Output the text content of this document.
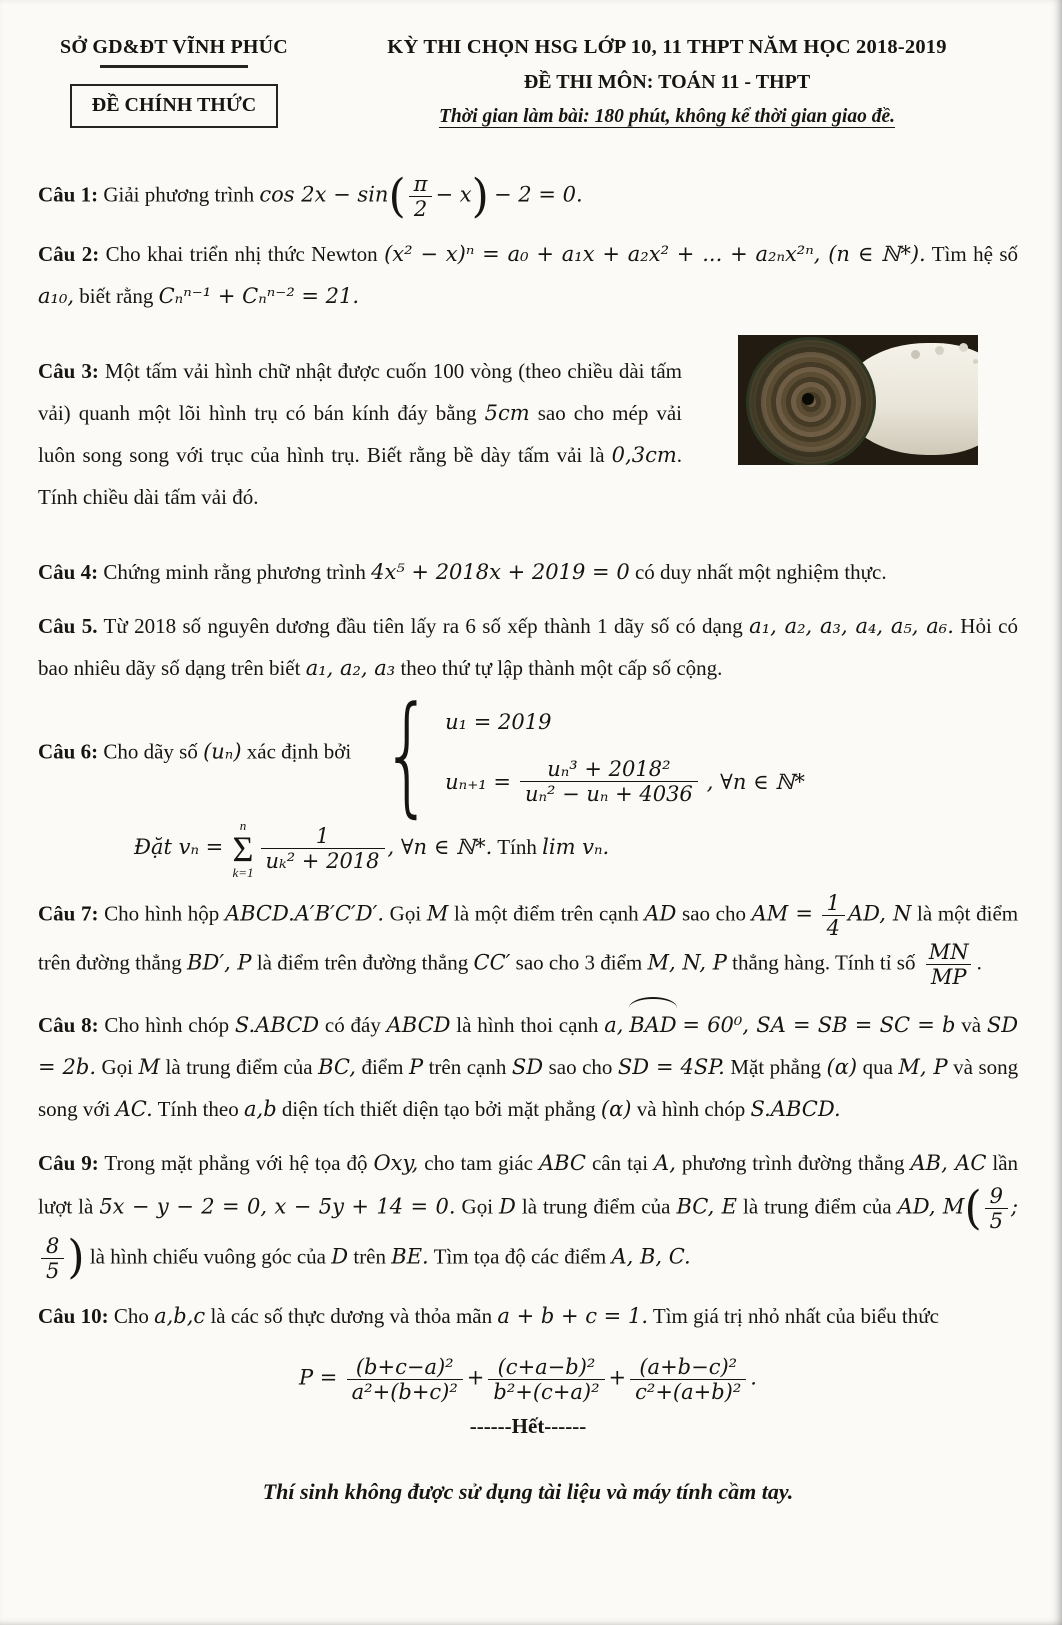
SỞ GD&ĐT VĨNH PHÚC
ĐỀ CHÍNH THỨC
KỲ THI CHỌN HSG LỚP 10, 11 THPT NĂM HỌC 2018-2019
ĐỀ THI MÔN: TOÁN 11 - THPT
Thời gian làm bài: 180 phút, không kể thời gian giao đề.

Câu 1: Giải phương trình $\cos 2x - \sin( \frac{\pi}{2} - x) - 2 = 0$.

Câu 2: Cho khai triển nhị thức Newton (x² − x)ⁿ = a₀ + a₁x + a₂x² + ... + a₂ₙx²ⁿ, (n ∈ ℕ*). Tìm hệ số a₁₀, biết rằng Cₙⁿ⁻¹ + Cₙⁿ⁻² = 21.

Câu 3: Một tấm vải hình chữ nhật được cuốn 100 vòng (theo chiều dài tấm vải) quanh một lõi hình trụ có bán kính đáy bằng 5cm sao cho mép vải luôn song song với trục của hình trụ. Biết rằng bề dày tấm vải là 0,3cm. Tính chiều dài tấm vải đó.

Câu 4: Chứng minh rằng phương trình 4x⁵ + 2018x + 2019 = 0 có duy nhất một nghiệm thực.

Câu 5. Từ 2018 số nguyên dương đầu tiên lấy ra 6 số xếp thành 1 dãy số có dạng a₁, a₂, a₃, a₄, a₅, a₆. Hỏi có bao nhiêu dãy số dạng trên biết a₁, a₂, a₃ theo thứ tự lập thành một cấp số cộng.

Câu 6: Cho dãy số (uₙ) xác định bởi { u₁ = 2019
$u_{n+1} = \frac{\text{uₙ³ + 2018²}}{\text{uₙ² − uₙ + 4036}}$ , ∀n ∈ ℕ*

Đặt vₙ =
n
Σ
$k=1 \frac{1}{\text{uₖ² + 2018}}$ , ∀n ∈ ℕ*. Tính lim vₙ.

Câu 7: Cho hình hộp ABCD.A′B′C′D′. Gọi M là một điểm trên cạnh AD sao cho AM = $\frac{1}{4}$ AD, N là một điểm trên đường thẳng BD′, P là điểm trên đường thẳng CC′ sao cho 3 điểm M, N, P thẳng hàng. Tính tỉ số $\frac{MN}{MP}$ .

Câu 8: Cho hình chóp S.ABCD có đáy ABCD là hình thoi cạnh a, BAD = 60⁰, SA = SB = SC = b và SD = 2b. Gọi M là trung điểm của BC, điểm P trên cạnh SD sao cho SD = 4SP. Mặt phẳng (α) qua M, P và song song với AC. Tính theo a,b diện tích thiết diện tạo bởi mặt phẳng (α) và hình chóp S.ABCD.

Câu 9: Trong mặt phẳng với hệ tọa độ Oxy, cho tam giác ABC cân tại A, phương trình đường thẳng AB, AC lần lượt là 5x − y − 2 = 0, x − 5y + 14 = 0. Gọi D là trung điểm của BC, E là trung điểm của AD, $M( \frac{9}{5}$ ;
$\frac{8}{5}$ ) là hình chiếu vuông góc của D trên BE. Tìm tọa độ các điểm A, B, C.

Câu 10: Cho a,b,c là các số thực dương và thỏa mãn a + b + c = 1. Tìm giá trị nhỏ nhất của biểu thức

$P = \frac{\text{(b+c−a)²}}{\text{a²+(b+c)²}} + \frac{\text{(c+a−b)²}}{\text{b²+(c+a)²}} + \frac{\text{(a+b−c)²}}{\text{c²+(a+b)²}}$ .
------Hết------
Thí sinh không được sử dụng tài liệu và máy tính cầm tay.
